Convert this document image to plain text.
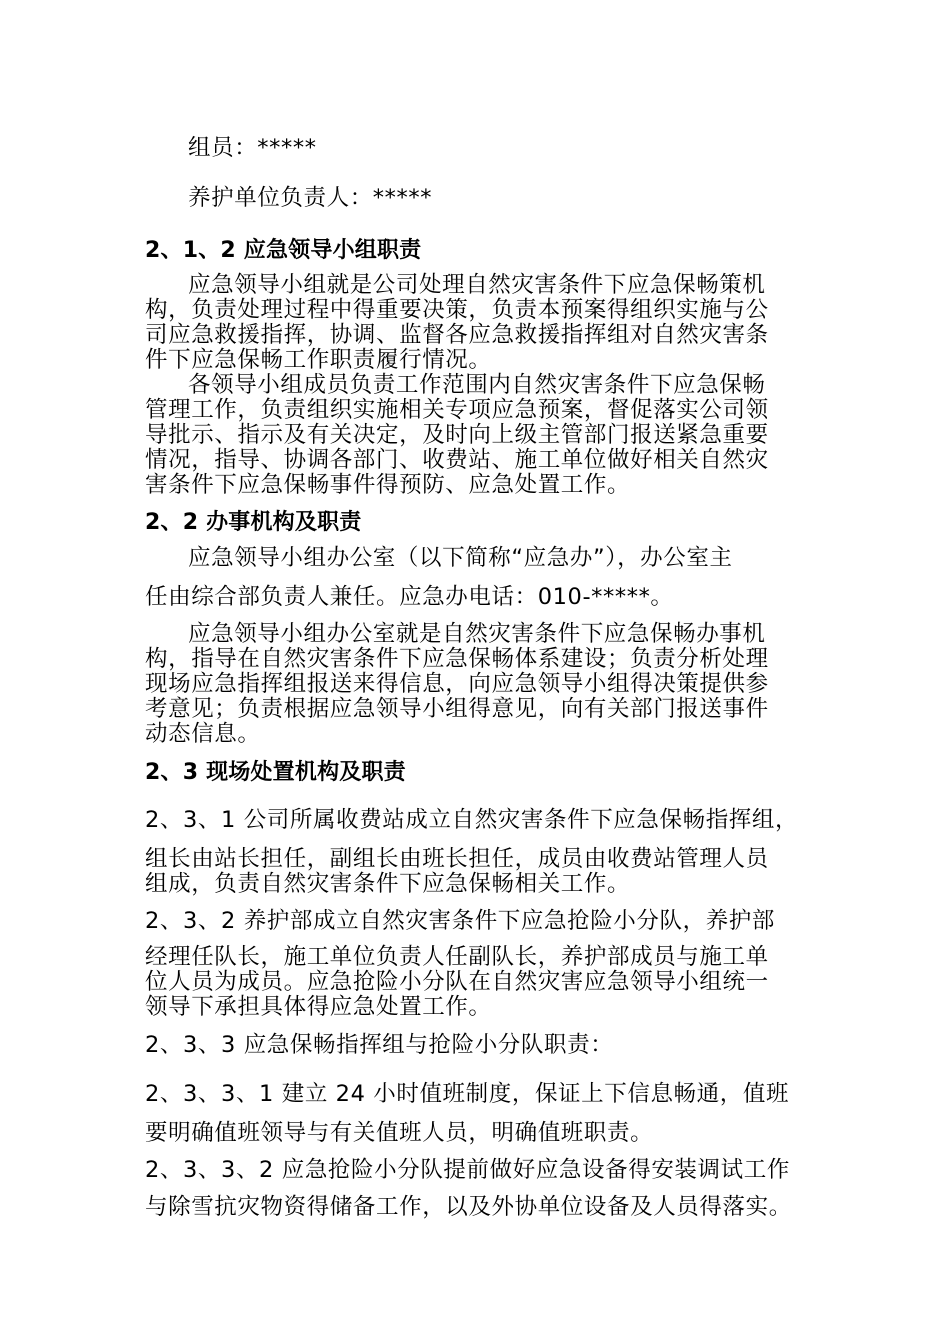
组员：*****
养护单位负责人：*****
2、1、2 应急领导小组职责
应急领导小组就是公司处理自然灾害条件下应急保畅策机
构，负责处理过程中得重要决策，负责本预案得组织实施与公
司应急救援指挥，协调、监督各应急救援指挥组对自然灾害条
件下应急保畅工作职责履行情况。
各领导小组成员负责工作范围内自然灾害条件下应急保畅
管理工作，负责组织实施相关专项应急预案，督促落实公司领
导批示、指示及有关决定，及时向上级主管部门报送紧急重要
情况，指导、协调各部门、收费站、施工单位做好相关自然灾
害条件下应急保畅事件得预防、应急处置工作。
2、2 办事机构及职责
应急领导小组办公室（以下简称“应急办”），办公室主
任由综合部负责人兼任。应急办电话：010-*****。
应急领导小组办公室就是自然灾害条件下应急保畅办事机
构，指导在自然灾害条件下应急保畅体系建设；负责分析处理
现场应急指挥组报送来得信息，向应急领导小组得决策提供参
考意见；负责根据应急领导小组得意见，向有关部门报送事件
动态信息。
2、3 现场处置机构及职责
2、3、1 公司所属收费站成立自然灾害条件下应急保畅指挥组，
组长由站长担任，副组长由班长担任，成员由收费站管理人员
组成，负责自然灾害条件下应急保畅相关工作。
2、3、2 养护部成立自然灾害条件下应急抢险小分队，养护部
经理任队长，施工单位负责人任副队长，养护部成员与施工单
位人员为成员。应急抢险小分队在自然灾害应急领导小组统一
领导下承担具体得应急处置工作。
2、3、3 应急保畅指挥组与抢险小分队职责：
2、3、3、1 建立 24 小时值班制度，保证上下信息畅通，值班
要明确值班领导与有关值班人员，明确值班职责。
2、3、3、2 应急抢险小分队提前做好应急设备得安装调试工作
与除雪抗灾物资得储备工作，以及外协单位设备及人员得落实。
